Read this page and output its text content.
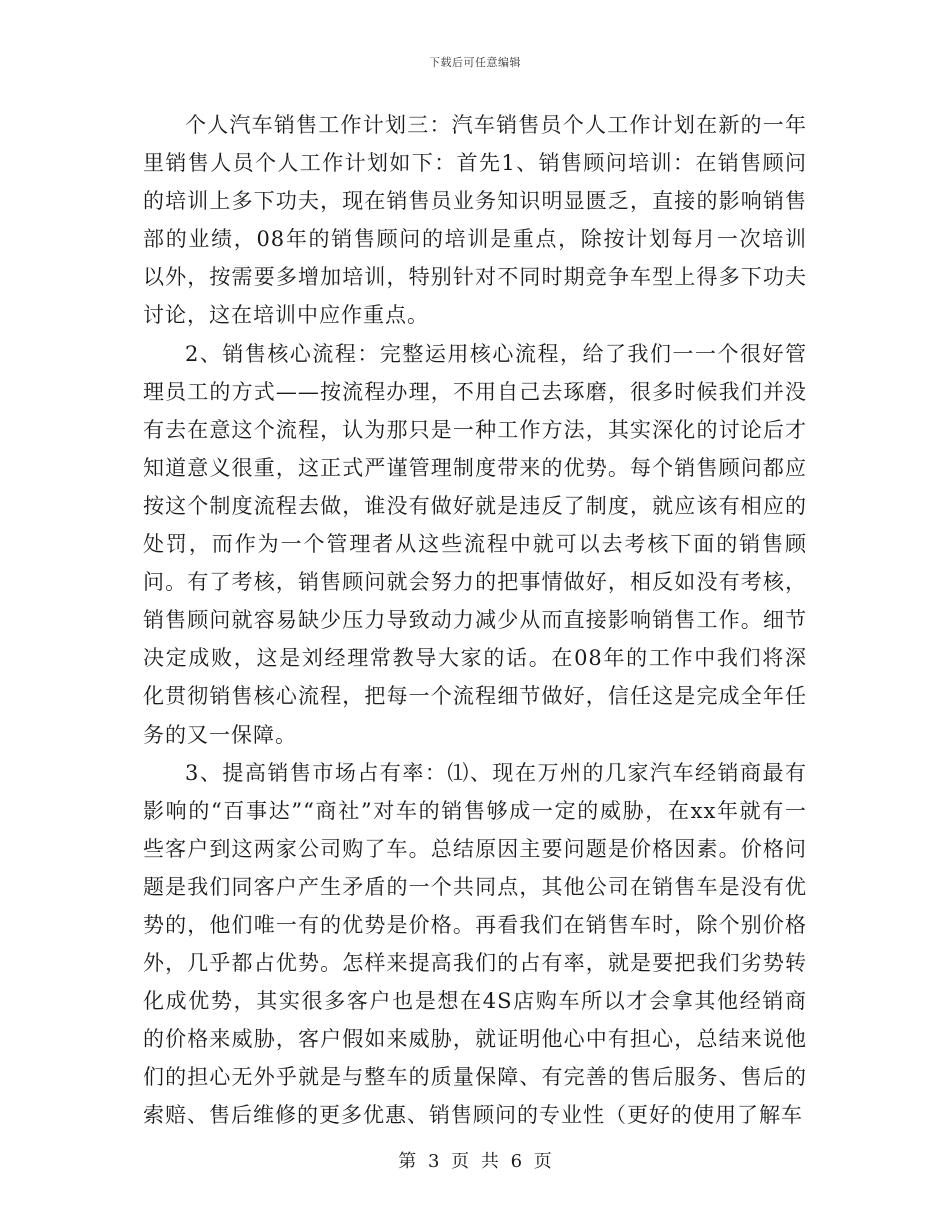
下载后可任意编辑

个人汽车销售工作计划三：汽车销售员个人工作计划在新的一年里销售人员个人工作计划如下：首先1、销售顾问培训：在销售顾问的培训上多下功夫，现在销售员业务知识明显匮乏，直接的影响销售部的业绩，08年的销售顾问的培训是重点，除按计划每月一次培训以外，按需要多增加培训，特别针对不同时期竞争车型上得多下功夫讨论，这在培训中应作重点。

2、销售核心流程：完整运用核心流程，给了我们一一个很好管理员工的方式——按流程办理，不用自己去琢磨，很多时候我们并没有去在意这个流程，认为那只是一种工作方法，其实深化的讨论后才知道意义很重，这正式严谨管理制度带来的优势。每个销售顾问都应按这个制度流程去做，谁没有做好就是违反了制度，就应该有相应的处罚，而作为一个管理者从这些流程中就可以去考核下面的销售顾问。有了考核，销售顾问就会努力的把事情做好，相反如没有考核，销售顾问就容易缺少压力导致动力减少从而直接影响销售工作。细节决定成败，这是刘经理常教导大家的话。在08年的工作中我们将深化贯彻销售核心流程，把每一个流程细节做好，信任这是完成全年任务的又一保障。

3、提高销售市场占有率：⑴、现在万州的几家汽车经销商最有影响的“百事达”“商社”对车的销售够成一定的威胁，在xx年就有一些客户到这两家公司购了车。总结原因主要问题是价格因素。价格问题是我们同客户产生矛盾的一个共同点，其他公司在销售车是没有优势的，他们唯一有的优势是价格。再看我们在销售车时，除个别价格外，几乎都占优势。怎样来提高我们的占有率，就是要把我们劣势转化成优势，其实很多客户也是想在4S店购车所以才会拿其他经销商的价格来威胁，客户假如来威胁，就证明他心中有担心，总结来说他们的担心无外乎就是与整车的质量保障、有完善的售后服务、售后的索赔、售后维修的更多优惠、销售顾问的专业性（更好的使用了解车

第 3 页 共 6 页
